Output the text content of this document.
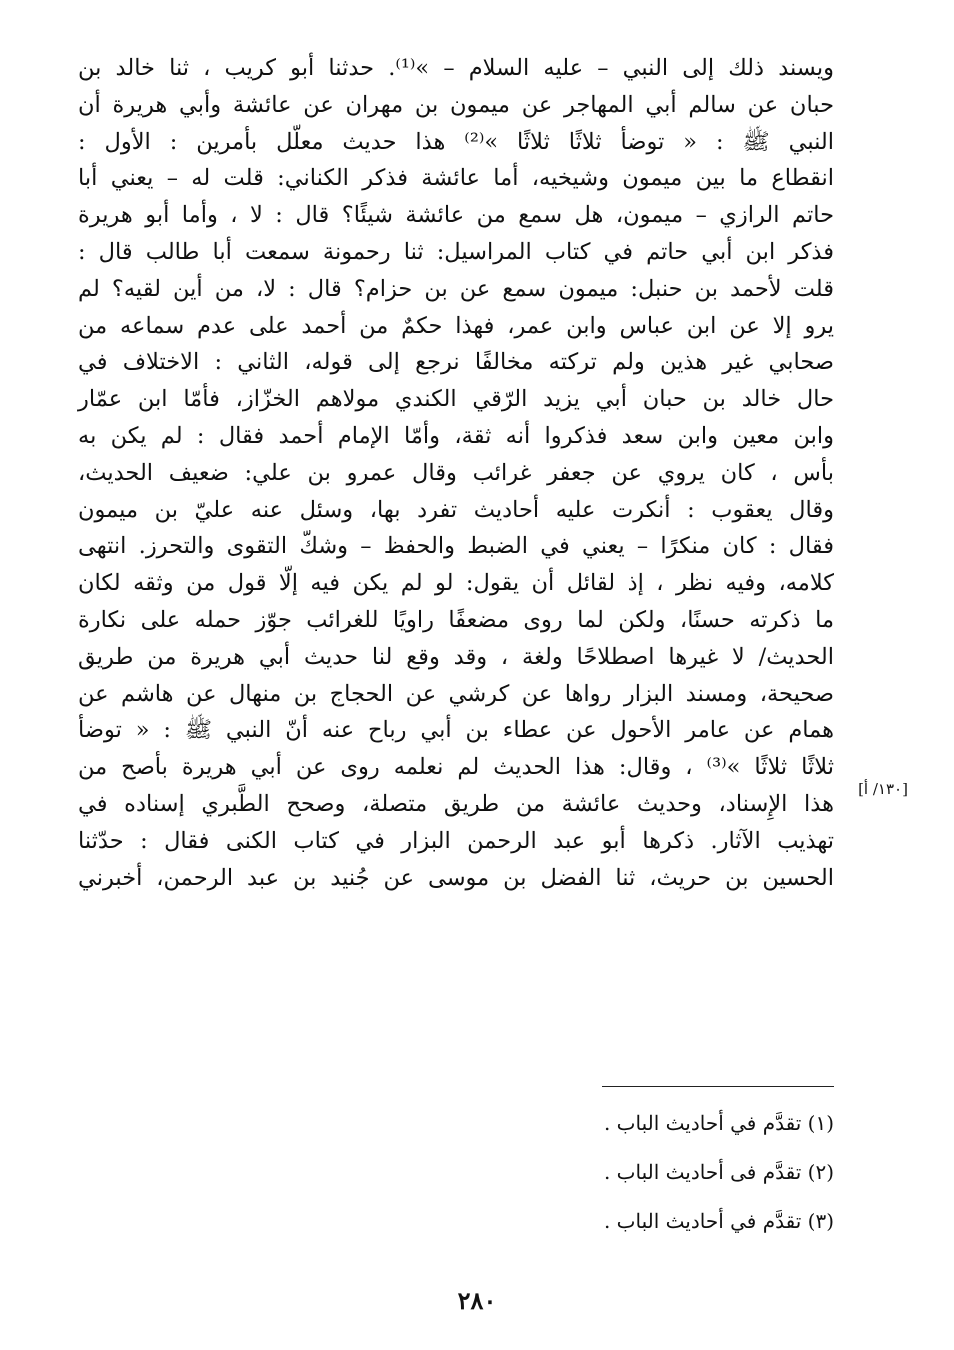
ويسند ذلك إلى النبي – عليه السلام – »⁽¹⁾. حدثنا أبو كريب ، ثنا خالد بن
حبان عن سالم أبي المهاجر عن ميمون بن مهران عن عائشة وأبي هريرة أن
النبي ﷺ : « توضأ ثلاثًا ثلاثًا »⁽²⁾ هذا حديث معلّل بأمرين : الأول :
انقطاع ما بين ميمون وشيخيه، أما عائشة فذكر الكناني: قلت له – يعني أبا
حاتم الرازي – ميمون، هل سمع من عائشة شيئًا؟ قال : لا ، وأما أبو هريرة
فذكر ابن أبي حاتم في كتاب المراسيل: ثنا رحمونة سمعت أبا طالب قال :
قلت لأحمد بن حنبل: ميمون سمع عن بن حزام؟ قال : لا، من أين لقيه؟ لم
يرو إلا عن ابن عباس وابن عمر، فهذا حكمٌ من أحمد على عدم سماعه من
صحابي غير هذين ولم تركته مخالفًا نرجع إلى قوله، الثاني : الاختلاف في
حال خالد بن حبان أبي يزيد الرّقي الكندي مولاهم الخزّاز، فأمّا ابن عمّار
وابن معين وابن سعد فذكروا أنه ثقة، وأمّا الإمام أحمد فقال : لم يكن به
بأس ، كان يروي عن جعفر غرائب وقال عمرو بن علي: ضعيف الحديث،
وقال يعقوب : أنكرت عليه أحاديث تفرد بها، وسئل عنه عليّ بن ميمون
فقال : كان منكرًا – يعني في الضبط والحفظ – وشكّ التقوى والتحرز. انتهى
كلامه، وفيه نظر ، إذ لقائل أن يقول: لو لم يكن فيه إلّا قول من وثقه لكان
ما ذكرته حسنًا، ولكن لما روى مضعفًا راويًا للغرائب جوّز حمله على نكارة
الحديث/ لا غيرها اصطلاحًا ولغة ، وقد وقع لنا حديث أبي هريرة من طريق
صحيحة، ومسند البزار رواها عن كرشي عن الحجاج بن منهال عن هاشم عن
همام عن عامر الأحول عن عطاء بن أبي رباح عنه أنّ النبي ﷺ : « توضأ
ثلاثًا ثلاثًا »⁽³⁾ ، وقال: هذا الحديث لم نعلمه روى عن أبي هريرة بأصح من
هذا الإِسناد، وحديث عائشة من طريق متصلة، وصحح الطَّبري إسناده في
تهذيب الآثار. ذكرها أبو عبد الرحمن البزار في كتاب الكنى فقال : حدّثنا
الحسين بن حريث، ثنا الفضل بن موسى عن جُنيد بن عبد الرحمن، أخبرني
[١٣٠/ أ]
(١) تقدَّم في أحاديث الباب .
(٢) تقدَّم فى أحاديث الباب .
(٣) تقدَّم في أحاديث الباب .
٢٨٠
